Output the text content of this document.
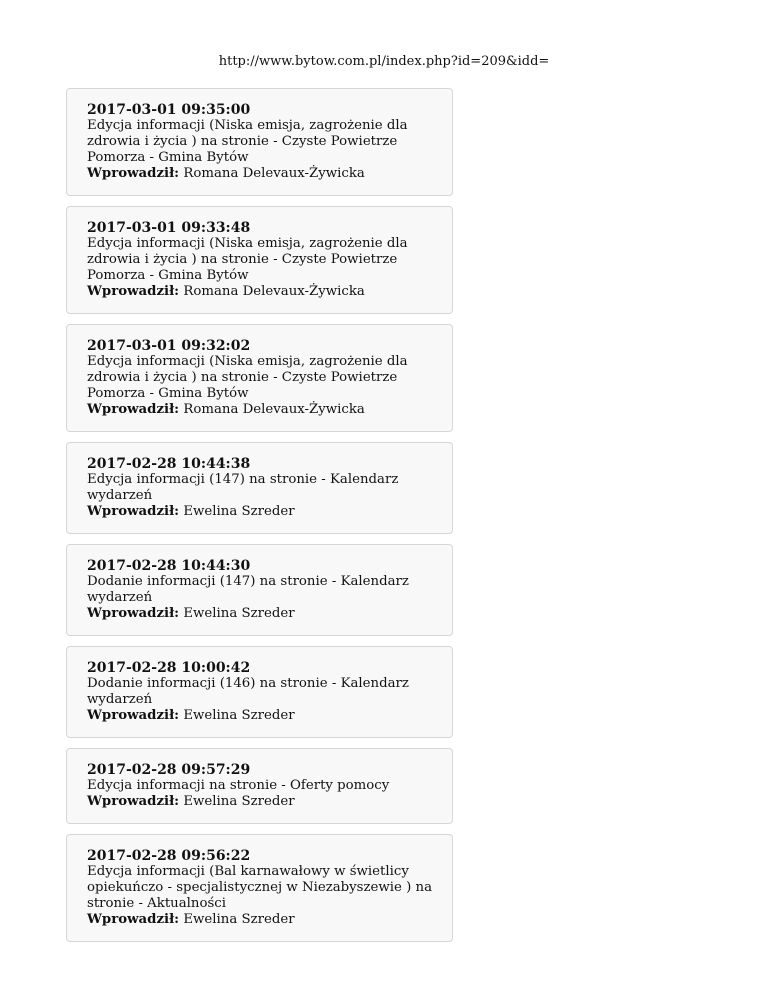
http://www.bytow.com.pl/index.php?id=209&idd=
2017-03-01 09:35:00
Edycja informacji (Niska emisja, zagrożenie dla zdrowia i życia ) na stronie - Czyste Powietrze Pomorza - Gmina Bytów
Wprowadził: Romana Delevaux-Żywicka
2017-03-01 09:33:48
Edycja informacji (Niska emisja, zagrożenie dla zdrowia i życia ) na stronie - Czyste Powietrze Pomorza - Gmina Bytów
Wprowadził: Romana Delevaux-Żywicka
2017-03-01 09:32:02
Edycja informacji (Niska emisja, zagrożenie dla zdrowia i życia ) na stronie - Czyste Powietrze Pomorza - Gmina Bytów
Wprowadził: Romana Delevaux-Żywicka
2017-02-28 10:44:38
Edycja informacji (147) na stronie - Kalendarz wydarzeń
Wprowadził: Ewelina Szreder
2017-02-28 10:44:30
Dodanie informacji (147) na stronie - Kalendarz wydarzeń
Wprowadził: Ewelina Szreder
2017-02-28 10:00:42
Dodanie informacji (146) na stronie - Kalendarz wydarzeń
Wprowadził: Ewelina Szreder
2017-02-28 09:57:29
Edycja informacji na stronie - Oferty pomocy
Wprowadził: Ewelina Szreder
2017-02-28 09:56:22
Edycja informacji (Bal karnawałowy w świetlicy opiekuńczo - specjalistycznej w Niezabyszewie ) na stronie - Aktualności
Wprowadził: Ewelina Szreder
